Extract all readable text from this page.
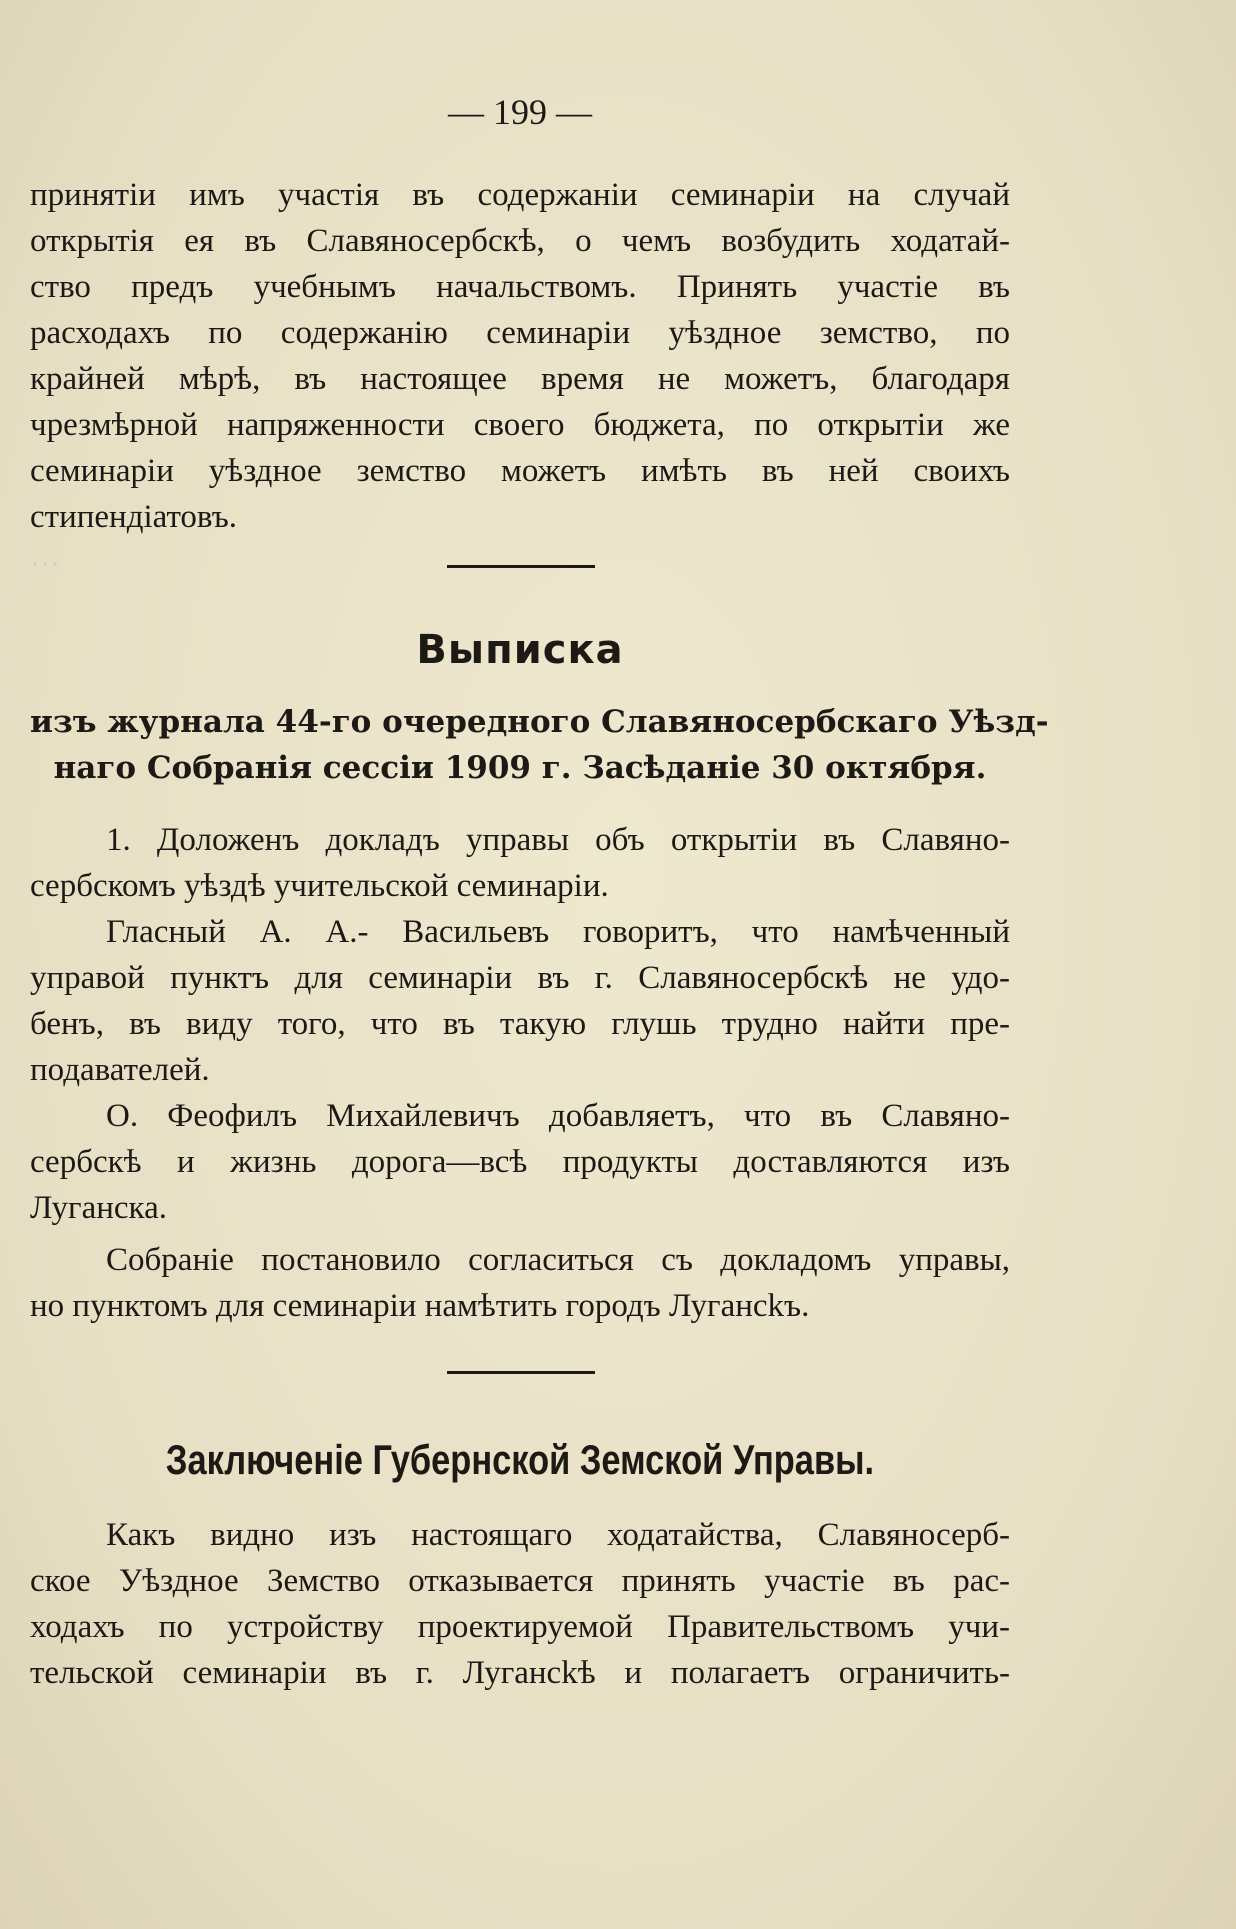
···
— 199 —
принятіи имъ участія въ содержаніи семинаріи на случай
открытія ея въ Славяносербскѣ, о чемъ возбудить ходатай-
ство предъ учебнымъ начальствомъ. Принять участіе въ
расходахъ по содержанію семинаріи уѣздное земство, по
крайней мѣрѣ, въ настоящее время не можетъ, благодаря
чрезмѣрной напряженности своего бюджета, по открытіи же
семинаріи уѣздное земство можетъ имѣть въ ней своихъ
стипендіатовъ.
Выписка
изъ журнала 44-го очередного Славяносербскаго Уѣзд-
наго Собранія сессіи 1909 г. Засѣданіе 30 октября.
1. Доложенъ докладъ управы объ открытіи въ Славяно-
сербскомъ уѣздѣ учительской семинаріи.
Гласный А. А.- Васильевъ говоритъ, что намѣченный
управой пунктъ для семинаріи въ г. Славяносербскѣ не удо-
бенъ, въ виду того, что въ такую глушь трудно найти пре-
подавателей.
О. Феофилъ Михайлевичъ добавляетъ, что въ Славяно-
сербскѣ и жизнь дорога—всѣ продукты доставляются изъ
Луганска.
Собраніе постановило согласиться съ докладомъ управы,
но пунктомъ для семинаріи намѣтить городъ Лугансkъ.
Заключеніе Губернской Земской Управы.
Какъ видно изъ настоящаго ходатайства, Славяносерб-
ское Уѣздное Земство отказывается принять участіе въ рас-
ходахъ по устройству проектируемой Правительствомъ учи-
тельской семинаріи въ г. Лугансkѣ и полагаетъ ограничить-
